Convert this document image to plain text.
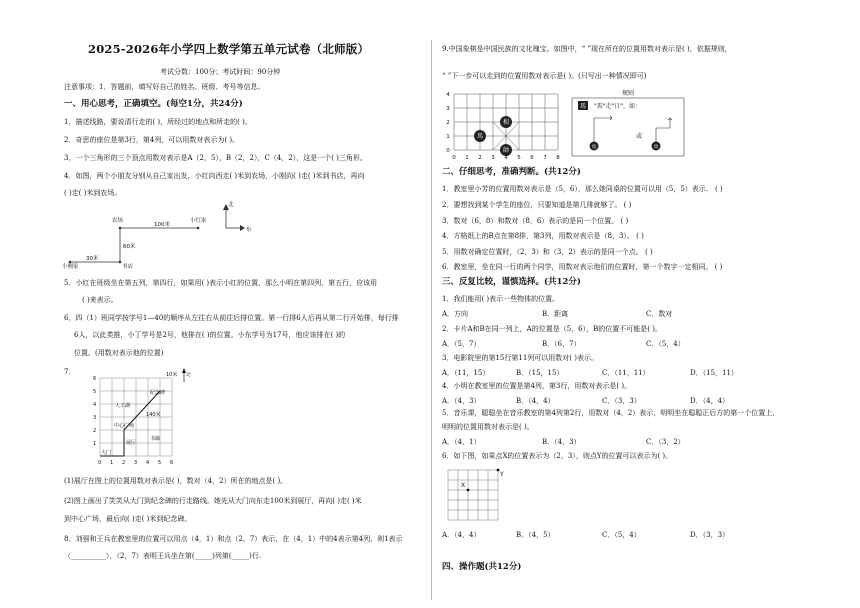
2025-2026年小学四上数学第五单元试卷（北师版）
考试分数：100分；考试时间：90分钟
注意事项：1．答题前，填写好自己的姓名、班级、考号等信息。
一、用心思考，正确填空。(每空1分，共24分)
1．描述线路，要说清行走的( )，所经过的地点和所走的( )。
2．奇思的座位是第3行，第4列，可以用数对表示为( )。
3．一个三角形的三个顶点用数对表示是A（2，5），B（2，2），C（4，2），这是一个( )三角形。
4．如图，两个小朋友分别从自己家出发，小红向西走( )米到农场，小刚向( )走( )米到书店，再向
( )走( )米到农场。
农场	小红家
书店
小刚家
北
东
100米
60米
30米
5．小红在班级坐在第五列，第四行，如果用( )表示小红的位置，那么小明在第四列，第五行，应该用
( )来表示。
6．四（1）班同学按学号1—40的顺序从左往右从前往后排位置。第一行排6人后再从第二行开始排，每行排
6人，以此类推，小丁学号是2号，他排在( )的位置。小东学号为17号，他应该排在( )的
位置。(用数对表示他的位置)
7．	北
10米
人工湖
纪念碑
中心广场
展厅
书廊
大门
140米
0 1 2 3 4 5 6
1
2
3
4
5
6
(1)展厅在图上的位置用数对表示是( )，数对（4，2）所在的地点是( )。
(2)图上画出了笑笑从大门到纪念碑的行走路线。她先从大门向东走100米到展厅，再向( )走( )米
到中心广场，最后向( )走( )米到纪念碑。
8．刘强和王兵在教室里的位置可以用点（4，1）和点（2，7）表示，在（4，1）中的4表示第4列，则1表示
（__________），（2，7）表明王兵坐在第(_____)列第(_____)行.
9.中国象棋是中国民族的文化瑰宝。如图中，“ ”现在所在的位置用数对表示是( )，依据规则，
“ ”下一步可以走到的位置用数对表示是( )。(只写出一种情况即可)
馬
相
帥
0 1 2 3 4 5 6 7 8
0
1
2
3
4	规则
"馬"走"日"，如：
或
馬
馬	馬
二、仔细思考，准确判断。(共12分)
1．教室里小芳的位置用数对表示是（5，6），那么她同桌的位置可以用（5，5）表示． ( )
2．要想找到某个学生的座位，只要知道是第几排就够了。 ( )
3．数对（6，8）和数对（8，6）表示的是同一个位置。 ( )
4．方格纸上的B点在第8排，第3列，用数对表示是（8，3）。 ( )
5．用数对确定位置时，（2，3）和（3，2）表示的是同一个点。 ( )
6．教室里，坐在同一行的两个同学，用数对表示他们的位置时，第一个数字一定相同。 ( )
三、反复比较，谨慎选择。(共12分)
1．我们能用( )表示一些物体的位置。
A．方向	B．距离	C．数对
2．卡片A和B在同一列上，A的位置是（5，6），B的位置不可能是( )。
A．（5，7）	B．（6，7）	C．（5，4）
3．电影院里的第15行第11列可以用数对( )表示。
A．（11，15）	B．（15，15）	C．（11，11）	D．（15，11）
4．小明在教室里的位置是第4列，第3行，用数对表示是( )。
A．（4，3）	B．（4，4）	C．（3，3）	D．（4，4）
5．音乐课，聪聪坐在音乐教室的第4列第2行，用数对（4，2）表示，明明坐在聪聪正后方的第一个位置上，
明明的位置用数对表示是( )。
A．（4，1）	B．（4，3）	C．（3，2）
6．如下图，如果点X的位置表示为（2，3），则点Y的位置可以表示为( )。
X
Y
A．（4，4）	B．（4，5）	C．（5，4）	D．（3，3）
四、操作题(共12分)
